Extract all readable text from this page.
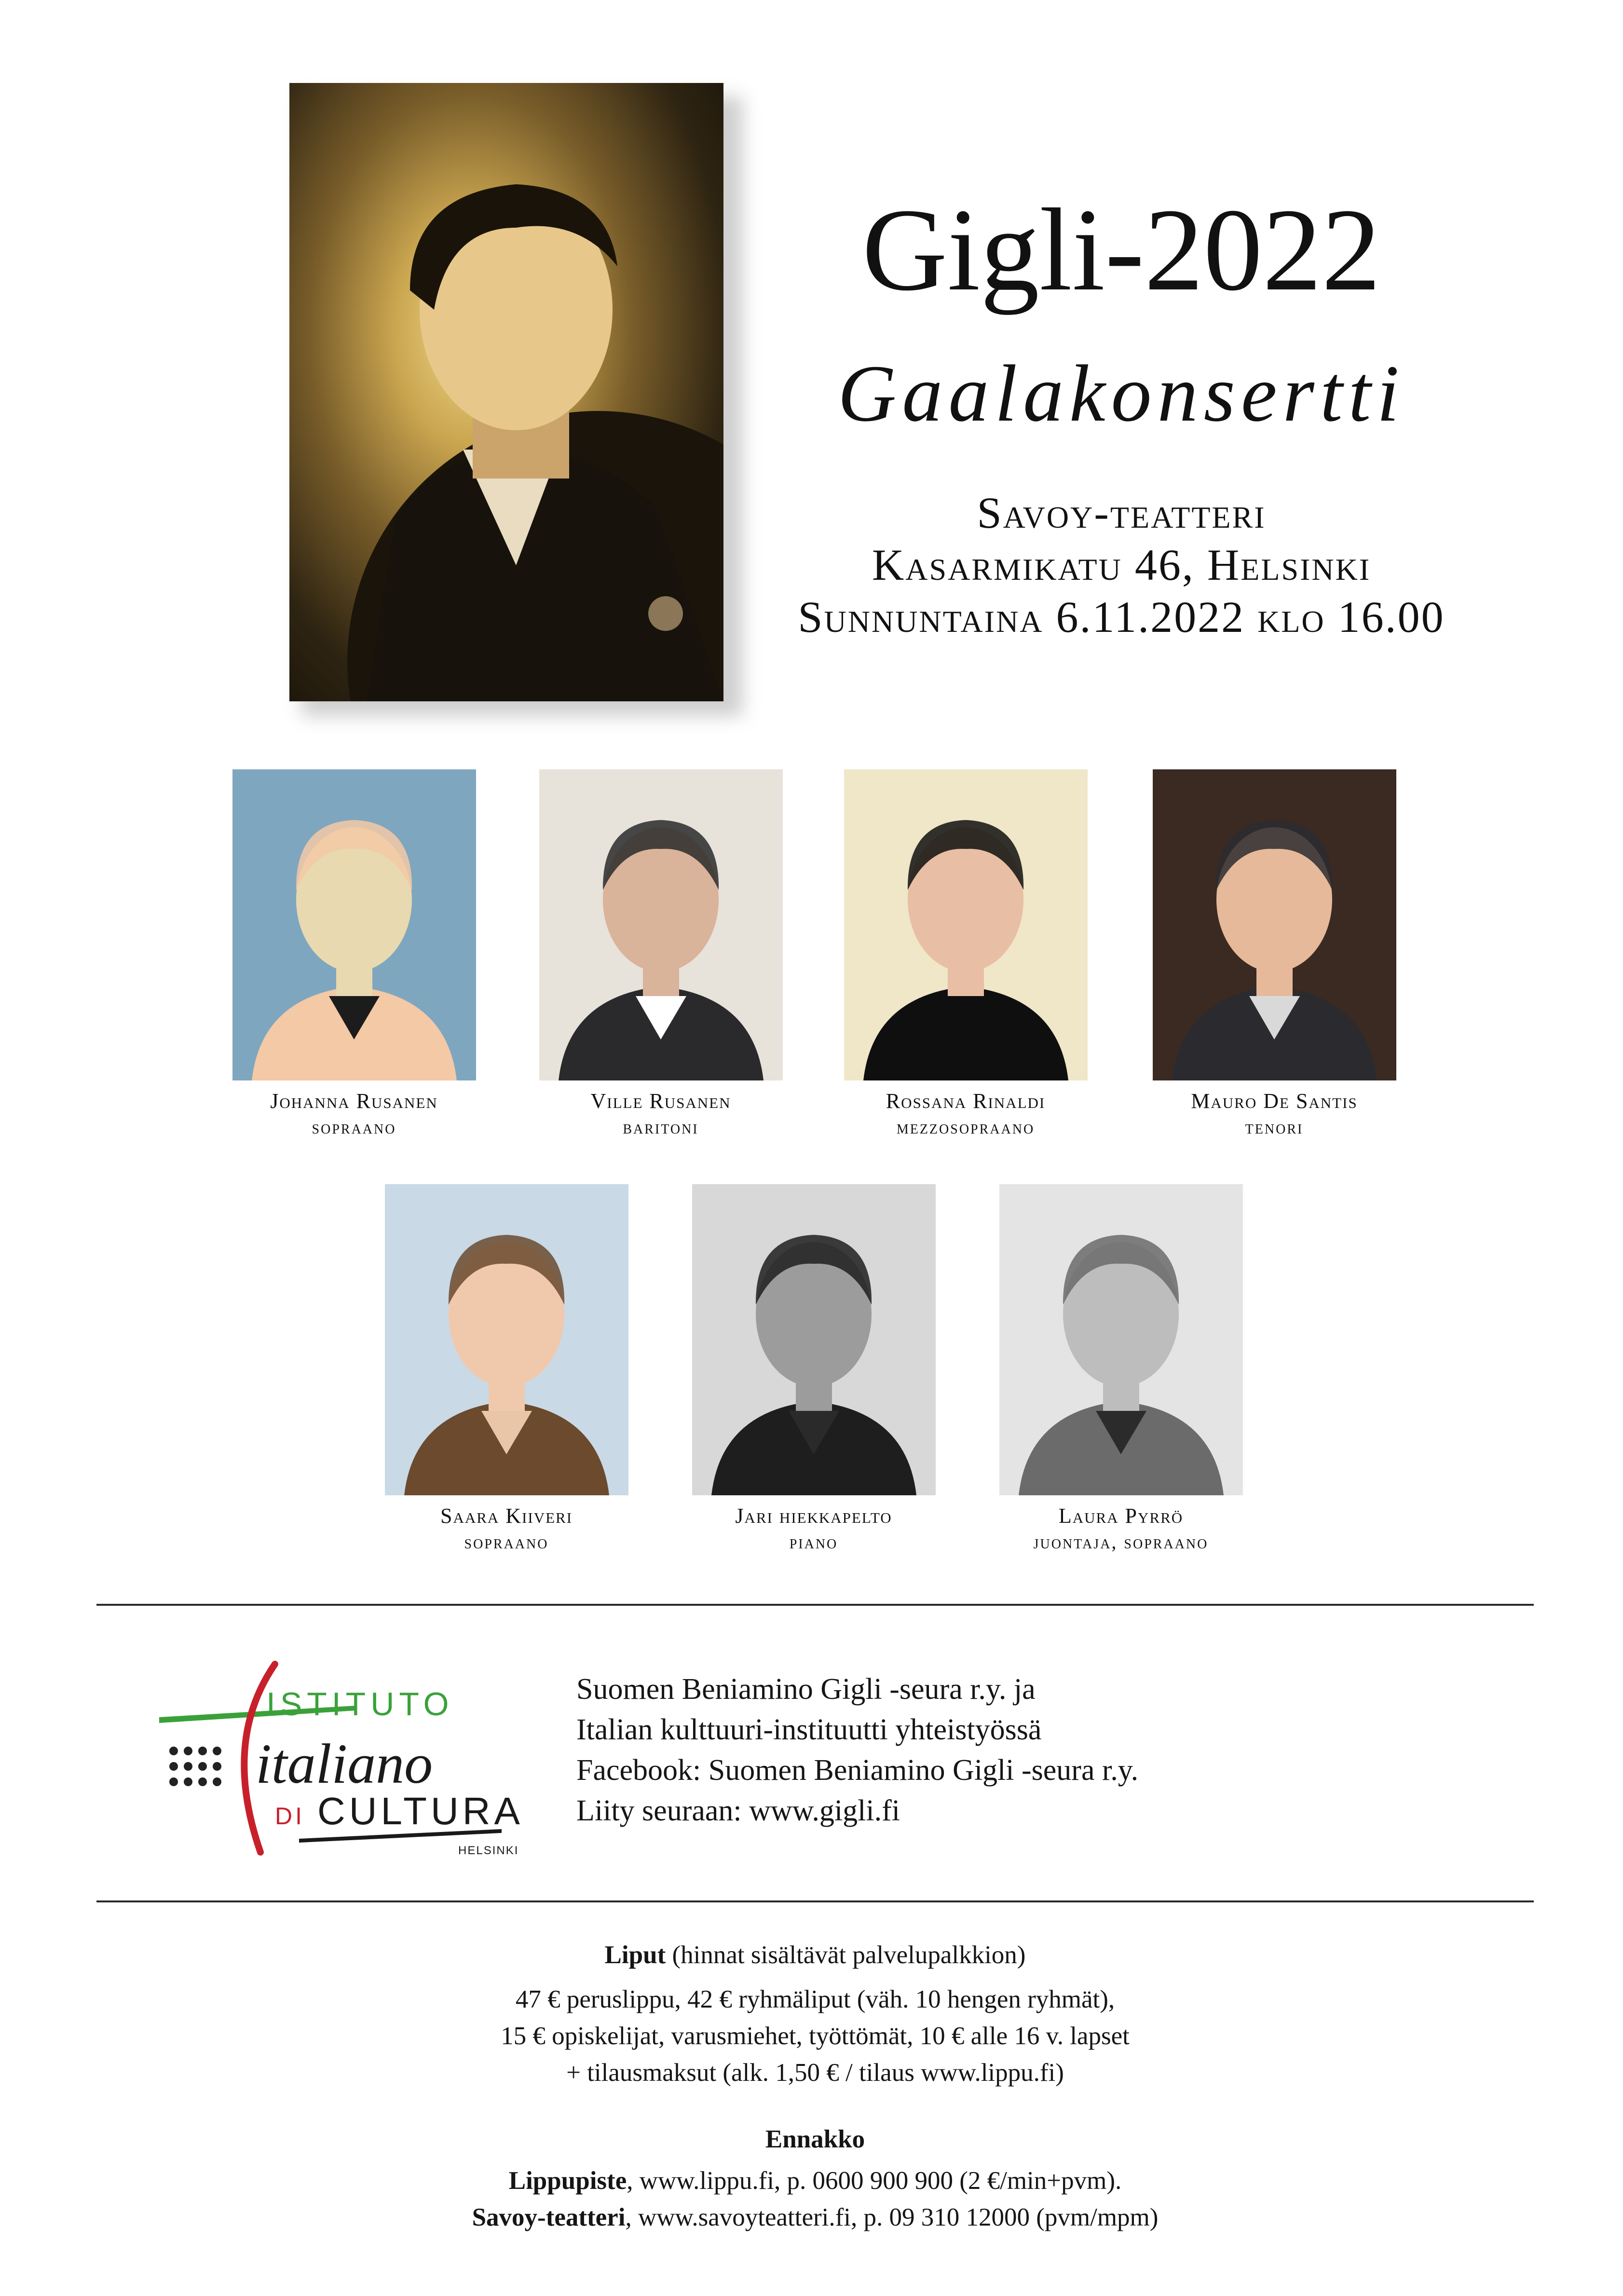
Gigli-2022
Gaalakonsertti
Savoy-teatteri
Kasarmikatu 46, Helsinki
Sunnuntaina 6.11.2022 klo 16.00
Johanna Rusanen
sopraano
Ville Rusanen
baritoni
Rossana Rinaldi
mezzosopraano
Mauro De Santis
tenori
Saara Kiiveri
sopraano
Jari hiekkapelto
piano
Laura Pyrrö
juontaja, sopraano
ISTITUTO
italiano
DI CULTURA
HELSINKI
Suomen Beniamino Gigli -seura r.y. ja
Italian kulttuuri-instituutti yhteistyössä
Facebook: Suomen Beniamino Gigli -seura r.y.
Liity seuraan: www.gigli.fi
Liput (hinnat sisältävät palvelupalkkion)
47 € peruslippu, 42 € ryhmäliput (väh. 10 hengen ryhmät),
15 € opiskelijat, varusmiehet, työttömät, 10 € alle 16 v. lapset
+ tilausmaksut (alk. 1,50 € / tilaus www.lippu.fi)
Ennakko
Lippupiste, www.lippu.fi, p. 0600 900 900 (2 €/min+pvm).
Savoy-teatteri, www.savoyteatteri.fi, p. 09 310 12000 (pvm/mpm)
